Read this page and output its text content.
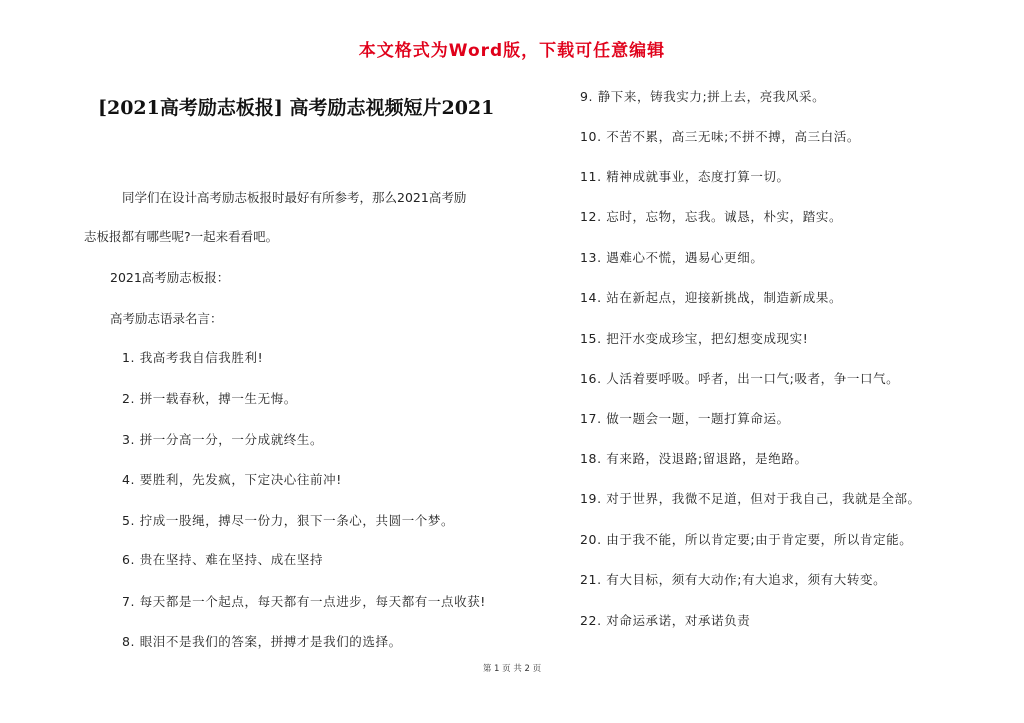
本文格式为Word版，下载可任意编辑
[2021高考励志板报] 高考励志视频短片2021
同学们在设计高考励志板报时最好有所参考，那么2021高考励
志板报都有哪些呢?一起来看看吧。
2021高考励志板报：
高考励志语录名言：
1. 我高考我自信我胜利!
2. 拼一载春秋，搏一生无悔。
3. 拼一分高一分，一分成就终生。
4. 要胜利，先发疯，下定决心往前冲!
5. 拧成一股绳，搏尽一份力，狠下一条心，共圆一个梦。
6. 贵在坚持、难在坚持、成在坚持
7. 每天都是一个起点，每天都有一点进步，每天都有一点收获!
8. 眼泪不是我们的答案，拼搏才是我们的选择。
9. 静下来，铸我实力;拼上去，亮我风采。
10. 不苦不累，高三无味;不拼不搏，高三白活。
11. 精神成就事业，态度打算一切。
12. 忘时，忘物，忘我。诚恳，朴实，踏实。
13. 遇难心不慌，遇易心更细。
14. 站在新起点，迎接新挑战，制造新成果。
15. 把汗水变成珍宝，把幻想变成现实!
16. 人活着要呼吸。呼者，出一口气;吸者，争一口气。
17. 做一题会一题，一题打算命运。
18. 有来路，没退路;留退路，是绝路。
19. 对于世界，我微不足道，但对于我自己，我就是全部。
20. 由于我不能，所以肯定要;由于肯定要，所以肯定能。
21. 有大目标，须有大动作;有大追求，须有大转变。
22. 对命运承诺，对承诺负责
第 1 页 共 2 页
